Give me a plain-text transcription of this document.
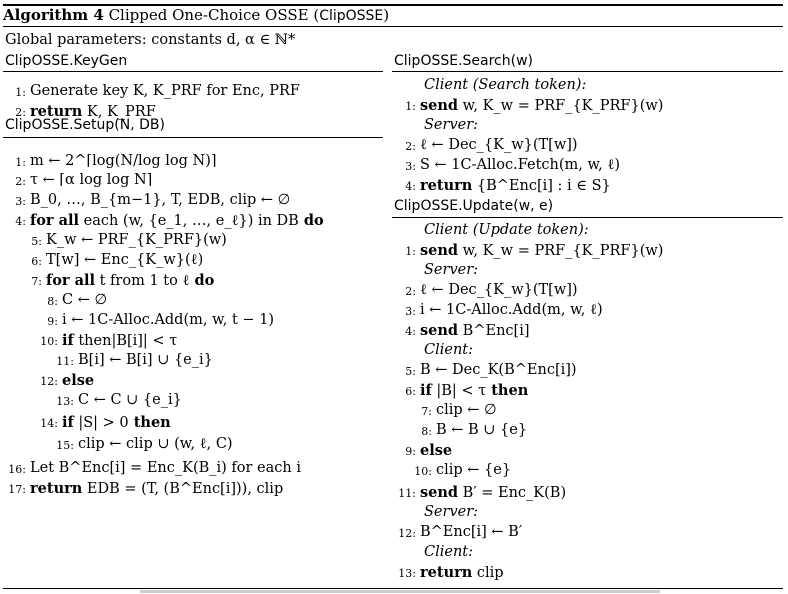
Algorithm 4 Clipped One-Choice OSSE (ClipOSSE)
Global parameters: constants d, α ∈ ℕ*
ClipOSSE.KeyGen
ClipOSSE.Setup(N, DB)
ClipOSSE.Search(w)
ClipOSSE.Update(w, e)
1: Generate key K, K_PRF for Enc, PRF
2: return K, K_PRF
1: m ← 2^⌈log(N/log log N)⌉
2: τ ← ⌈α log log N⌉
3: B_0, …, B_{m−1}, T, EDB, clip ← ∅
4: for all each (w, {e_1, …, e_ℓ}) in DB do
5: K_w ← PRF_{K_PRF}(w)
6: T[w] ← Enc_{K_w}(ℓ)
7: for all t from 1 to ℓ do
8: C ← ∅
9: i ← 1C-Alloc.Add(m, w, t − 1)
10: if then|B[i]| < τ
11: B[i] ← B[i] ∪ {e_i}
12: else
13: C ← C ∪ {e_i}
14: if |S| > 0 then
15: clip ← clip ∪ (w, ℓ, C)
16: Let B^Enc[i] = Enc_K(B_i) for each i
17: return EDB = (T, (B^Enc[i])), clip
Client (Search token):
1: send w, K_w = PRF_{K_PRF}(w)
Server:
2: ℓ ← Dec_{K_w}(T[w])
3: S ← 1C-Alloc.Fetch(m, w, ℓ)
4: return {B^Enc[i] : i ∈ S}
Client (Update token):
1: send w, K_w = PRF_{K_PRF}(w)
Server:
2: ℓ ← Dec_{K_w}(T[w])
3: i ← 1C-Alloc.Add(m, w, ℓ)
4: send B^Enc[i]
Client:
5: B ← Dec_K(B^Enc[i])
6: if |B| < τ then
7: clip ← ∅
8: B ← B ∪ {e}
9: else
10: clip ← {e}
11: send B′ = Enc_K(B)
Server:
12: B^Enc[i] ← B′
Client:
13: return clip
